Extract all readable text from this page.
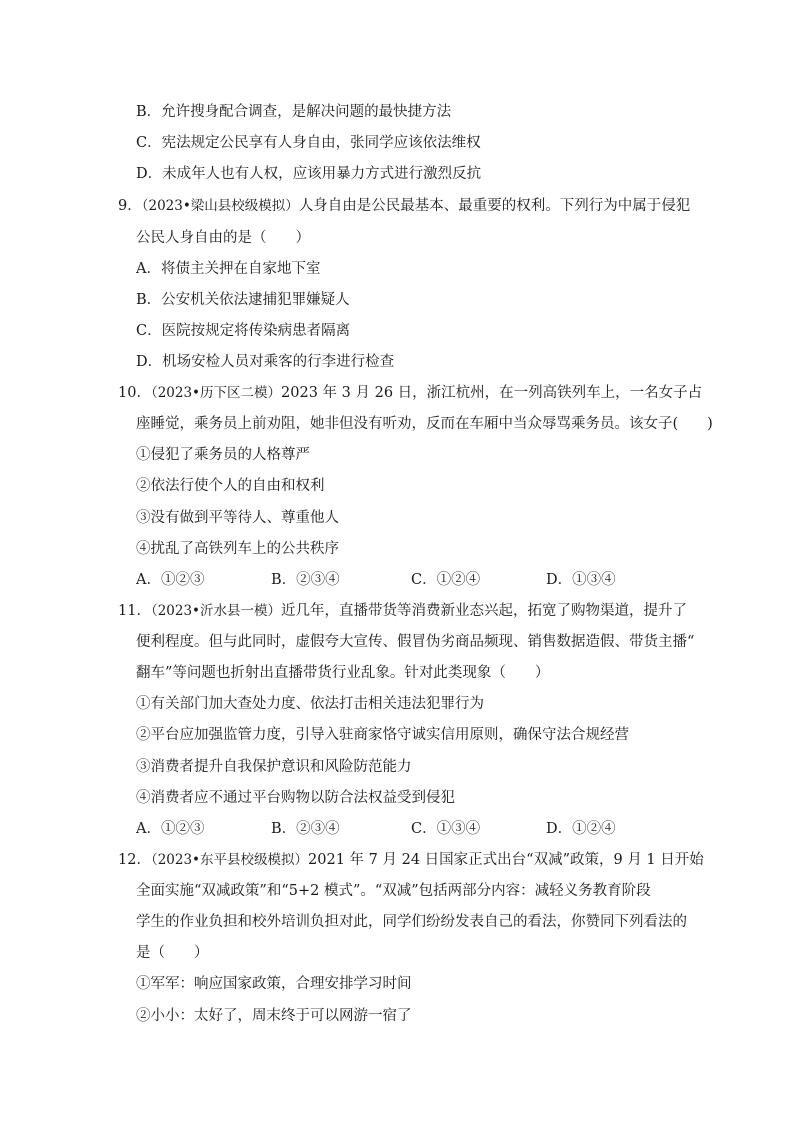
B．允许搜身配合调查，是解决问题的最快捷方法
C．宪法规定公民享有人身自由，张同学应该依法维权
D．未成年人也有人权，应该用暴力方式进行激烈反抗
9．（2023•梁山县校级模拟）人身自由是公民最基本、最重要的权利。下列行为中属于侵犯
公民人身自由的是（　　）
A．将债主关押在自家地下室
B．公安机关依法逮捕犯罪嫌疑人
C．医院按规定将传染病患者隔离
D．机场安检人员对乘客的行李进行检查
10．（2023•历下区二模）2023 年 3 月 26 日，浙江杭州，在一列高铁列车上，一名女子占
座睡觉，乘务员上前劝阻，她非但没有听劝，反而在车厢中当众辱骂乘务员。该女子(　　)
①侵犯了乘务员的人格尊严
②依法行使个人的自由和权利
③没有做到平等待人、尊重他人
④扰乱了高铁列车上的公共秩序
A．①②③	B．②③④	C．①②④	D．①③④
11．（2023•沂水县一模）近几年，直播带货等消费新业态兴起，拓宽了购物渠道，提升了
便利程度。但与此同时，虚假夸大宣传、假冒伪劣商品频现、销售数据造假、带货主播“
翻车”等问题也折射出直播带货行业乱象。针对此类现象（　　）
①有关部门加大查处力度、依法打击相关违法犯罪行为
②平台应加强监管力度，引导入驻商家恪守诚实信用原则，确保守法合规经营
③消费者提升自我保护意识和风险防范能力
④消费者应不通过平台购物以防合法权益受到侵犯
A．①②③	B．②③④	C．①③④	D．①②④
12．（2023•东平县校级模拟）2021 年 7 月 24 日国家正式出台“双减”政策，9 月 1 日开始
全面实施“双减政策”和“5+2 模式”。“双减”包括两部分内容：减轻义务教育阶段
学生的作业负担和校外培训负担对此，同学们纷纷发表自己的看法，你赞同下列看法的
是（　　）
①军军：响应国家政策，合理安排学习时间
②小小：太好了，周末终于可以网游一宿了
